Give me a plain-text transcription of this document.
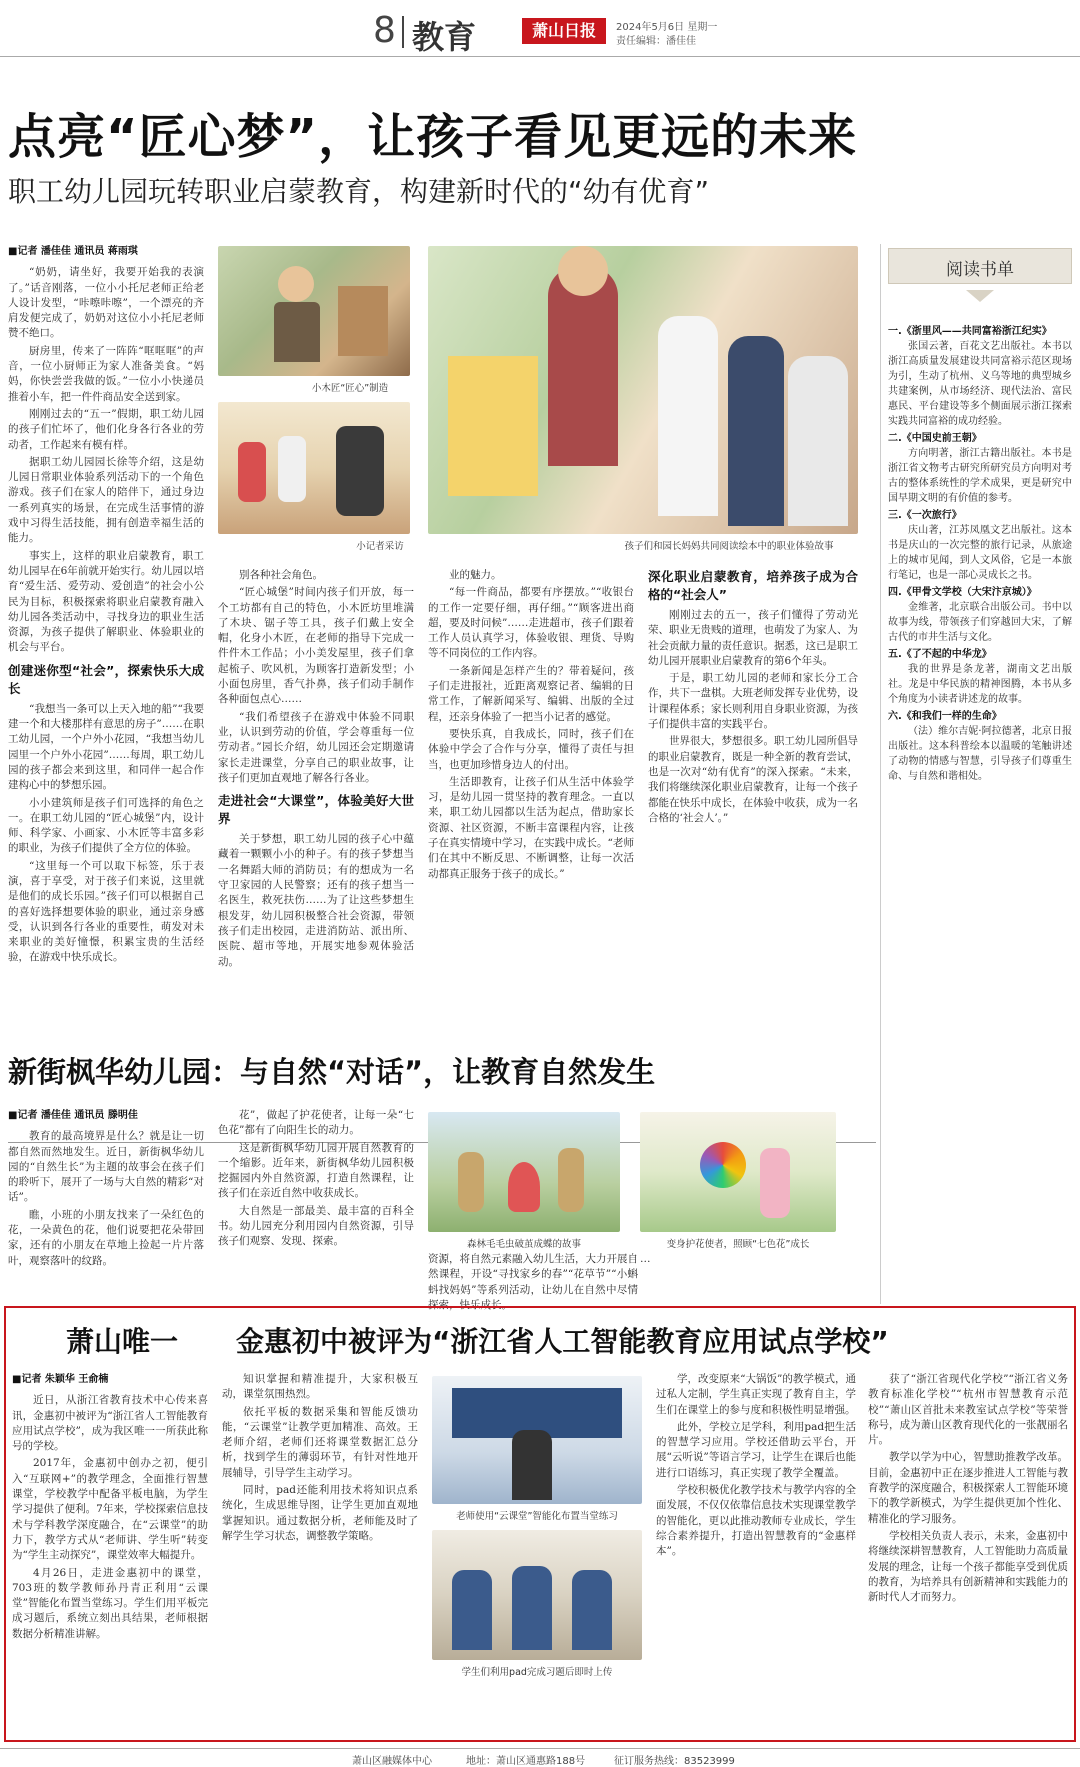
8 教育	萧山日报	2024年5月6日 星期一
责任编辑：潘佳佳
点亮“匠心梦”，让孩子看见更远的未来
职工幼儿园玩转职业启蒙教育，构建新时代的“幼有优育”
小木匠“匠心”制造
小记者采访	孩子们和园长妈妈共同阅读绘本中的职业体验故事
■记者 潘佳佳 通讯员 蒋雨琪

“奶奶，请坐好，我要开始我的表演了。”话音刚落，一位小小托尼老师正给老人设计发型，“咔嚓咔嚓”，一个漂亮的齐肩发便完成了，奶奶对这位小小托尼老师赞不绝口。

厨房里，传来了一阵阵“哐哐哐”的声音，一位小厨师正为家人准备美食。“妈妈，你快尝尝我做的饭。”一位小小快递员推着小车，把一件件商品安全送到家。

刚刚过去的“五一”假期，职工幼儿园的孩子们忙坏了，他们化身各行各业的劳动者，工作起来有模有样。

据职工幼儿园园长徐等介绍，这是幼儿园日常职业体验系列活动下的一个角色游戏。孩子们在家人的陪伴下，通过身边一系列真实的场景，在完成生活事情的游戏中习得生活技能，拥有创造幸福生活的能力。

事实上，这样的职业启蒙教育，职工幼儿园早在6年前就开始实行。幼儿园以培育“爱生活、爱劳动、爱创造”的社会小公民为目标，积极探索将职业启蒙教育融入幼儿园各类活动中，寻找身边的职业生活资源，为孩子提供了解职业、体验职业的机会与平台。

创建迷你型“社会”，探索快乐大成长

“我想当一条可以上天入地的船”“我要建一个和大楼那样有意思的房子”……在职工幼儿园，一个户外小花园，“我想当幼儿园里一个户外小花园”……每周，职工幼儿园的孩子都会来到这里，和同伴一起合作建构心中的梦想乐园。

小小建筑师是孩子们可选择的角色之一。在职工幼儿园的“匠心城堡”内，设计师、科学家、小画家、小木匠等丰富多彩的职业，为孩子们提供了全方位的体验。

“这里每一个可以取下标签，乐于表演，喜于享受，对于孩子们来说，这里就是他们的成长乐园。”孩子们可以根据自己的喜好选择想要体验的职业，通过亲身感受，认识到各行各业的重要性，萌发对未来职业的美好憧憬，积累宝贵的生活经验，在游戏中快乐成长。

别各种社会角色。

“匠心城堡”时间内孩子们开放，每一个工坊都有自己的特色，小木匠坊里堆满了木块、锯子等工具，孩子们戴上安全帽，化身小木匠，在老师的指导下完成一件件木工作品；小小美发屋里，孩子们拿起梳子、吹风机，为顾客打造新发型；小小面包房里，香气扑鼻，孩子们动手制作各种面包点心……

“我们希望孩子在游戏中体验不同职业，认识到劳动的价值，学会尊重每一位劳动者。”园长介绍，幼儿园还会定期邀请家长走进课堂，分享自己的职业故事，让孩子们更加直观地了解各行各业。

走进社会“大课堂”，体验美好大世界

关于梦想，职工幼儿园的孩子心中蕴藏着一颗颗小小的种子。有的孩子梦想当一名舞蹈大师的消防员；有的想成为一名守卫家园的人民警察；还有的孩子想当一名医生，救死扶伤……为了让这些梦想生根发芽，幼儿园积极整合社会资源，带领孩子们走出校园，走进消防站、派出所、医院、超市等地，开展实地参观体验活动。

业的魅力。

“每一件商品，都要有序摆放。”“收银台的工作一定要仔细，再仔细。”“顾客进出商超，要及时问候”……走进超市，孩子们跟着工作人员认真学习，体验收银、理货、导购等不同岗位的工作内容。

一条新闻是怎样产生的？带着疑问，孩子们走进报社，近距离观察记者、编辑的日常工作，了解新闻采写、编辑、出版的全过程，还亲身体验了一把当小记者的感觉。

要快乐真，自我成长，同时，孩子们在体验中学会了合作与分享，懂得了责任与担当，也更加珍惜身边人的付出。

生活即教育，让孩子们从生活中体验学习，是幼儿园一贯坚持的教育理念。一直以来，职工幼儿园都以生活为起点，借助家长资源、社区资源，不断丰富课程内容，让孩子在真实情境中学习，在实践中成长。“老师们在其中不断反思、不断调整，让每一次活动都真正服务于孩子的成长。”

深化职业启蒙教育，培养孩子成为合格的“社会人”

刚刚过去的五一，孩子们懂得了劳动光荣、职业无贵贱的道理，也萌发了为家人、为社会贡献力量的责任意识。据悉，这已是职工幼儿园开展职业启蒙教育的第6个年头。

于是，职工幼儿园的老师和家长分工合作，共下一盘棋。大班老师发挥专业优势，设计课程体系；家长则利用自身职业资源，为孩子们提供丰富的实践平台。

世界很大，梦想很多。职工幼儿园所倡导的职业启蒙教育，既是一种全新的教育尝试，也是一次对“幼有优育”的深入探索。“未来，我们将继续深化职业启蒙教育，让每一个孩子都能在快乐中成长，在体验中收获，成为一名合格的‘社会人’。”

阅读书单
一.《浙里风——共同富裕浙江纪实》

张国云著，百花文艺出版社。本书以浙江高质量发展建设共同富裕示范区现场为引，生动了杭州、义乌等地的典型城乡共建案例，从市场经济、现代法治、富民惠民、平台建设等多个侧面展示浙江探索实践共同富裕的成功经验。

二.《中国史前王朝》

方向明著，浙江古籍出版社。本书是浙江省文物考古研究所研究员方向明对考古的整体系统性的学术成果，更是研究中国早期文明的有价值的参考。

三.《一次旅行》

庆山著，江苏凤凰文艺出版社。这本书是庆山的一次完整的旅行记录，从旅途上的城市见闻，到人文风俗，它是一本旅行笔记，也是一部心灵成长之书。

四.《甲骨文学校（大宋汴京城）》

金维著，北京联合出版公司。书中以故事为线，带领孩子们穿越回大宋，了解古代的市井生活与文化。

五.《了不起的中华龙》

我的世界是条龙著，湖南文艺出版社。龙是中华民族的精神图腾，本书从多个角度为小读者讲述龙的故事。

六.《和我们一样的生命》

（法）维尔吉妮·阿拉德著，北京日报出版社。这本科普绘本以温暖的笔触讲述了动物的情感与智慧，引导孩子们尊重生命、与自然和谐相处。

新街枫华幼儿园：与自然“对话”，让教育自然发生
■记者 潘佳佳 通讯员 滕明佳

教育的最高境界是什么？就是让一切都自然而然地发生。近日，新街枫华幼儿园的“自然生长”为主题的故事会在孩子们的聆听下，展开了一场与大自然的精彩“对话”。

瞧，小班的小朋友找来了一朵红色的花，一朵黄色的花，他们说要把花朵带回家，还有的小朋友在草地上捡起一片片落叶，观察落叶的纹路。

花”，做起了护花使者，让每一朵“七色花”都有了向阳生长的动力。

这是新街枫华幼儿园开展自然教育的一个缩影。近年来，新街枫华幼儿园积极挖掘园内外自然资源，打造自然课程，让孩子们在亲近自然中收获成长。

大自然是一部最美、最丰富的百科全书。幼儿园充分利用园内自然资源，引导孩子们观察、发现、探索。	森林毛毛虫破茧成蝶的故事	变身护花使者，照顾“七色花”成长

资源，将自然元素融入幼儿生活，大力开展自然课程，开设“寻找家乡的春”“花草节”“小蝌蚪找妈妈”等系列活动，让幼儿在自然中尽情探索，快乐成长。

…

萧山唯一 金惠初中被评为“浙江省人工智能教育应用试点学校”
■记者 朱颖华 王俞楠

近日，从浙江省教育技术中心传来喜讯，金惠初中被评为“浙江省人工智能教育应用试点学校”，成为我区唯一一所获此称号的学校。

2017年，金惠初中创办之初，便引入“互联网+”的教学理念，全面推行智慧课堂，学校教学中配备平板电脑，为学生学习提供了便利。7年来，学校探索信息技术与学科教学深度融合，在“云课堂”的助力下，教学方式从“老师讲、学生听”转变为“学生主动探究”，课堂效率大幅提升。

4月26日，走进金惠初中的课堂，703班的数学教师孙丹青正利用“云课堂”智能化布置当堂练习。学生们用平板完成习题后，系统立刻出具结果，老师根据数据分析精准讲解。

知识掌握和精准提升，大家积极互动，课堂氛围热烈。

依托平板的数据采集和智能反馈功能，“云课堂”让教学更加精准、高效。王老师介绍，老师们还将课堂数据汇总分析，找到学生的薄弱环节，有针对性地开展辅导，引导学生主动学习。

同时，pad还能利用技术将知识点系统化，生成思维导图，让学生更加直观地掌握知识。通过数据分析，老师能及时了解学生学习状态，调整教学策略。

老师使用“云课堂”智能化布置当堂练习
学生们利用pad完成习题后即时上传

学，改变原来“大锅饭”的教学模式，通过私人定制，学生真正实现了教育自主，学生们在课堂上的参与度和积极性明显增强。

此外，学校立足学科，利用pad把生活的智慧学习应用。学校还借助云平台，开展“云听说”等语言学习，让学生在课后也能进行口语练习，真正实现了教学全覆盖。

学校积极优化教学技术与教学内容的全面发展，不仅仅依靠信息技术实现课堂教学的智能化，更以此推动教师专业成长，学生综合素养提升，打造出智慧教育的“金惠样本”。

获了“浙江省现代化学校”“浙江省义务教育标准化学校”“杭州市智慧教育示范校”“萧山区首批未来教室试点学校”等荣誉称号，成为萧山区教育现代化的一张靓丽名片。

教学以学为中心，智慧助推教学改革。目前，金惠初中正在逐步推进人工智能与教育教学的深度融合，积极探索人工智能环境下的教学新模式，为学生提供更加个性化、精准化的学习服务。

学校相关负责人表示，未来，金惠初中将继续深耕智慧教育，人工智能助力高质量发展的理念，让每一个孩子都能享受到优质的教育，为培养具有创新精神和实践能力的新时代人才而努力。

萧山区融媒体中心	地址：萧山区通惠路188号	征订服务热线：83523999
